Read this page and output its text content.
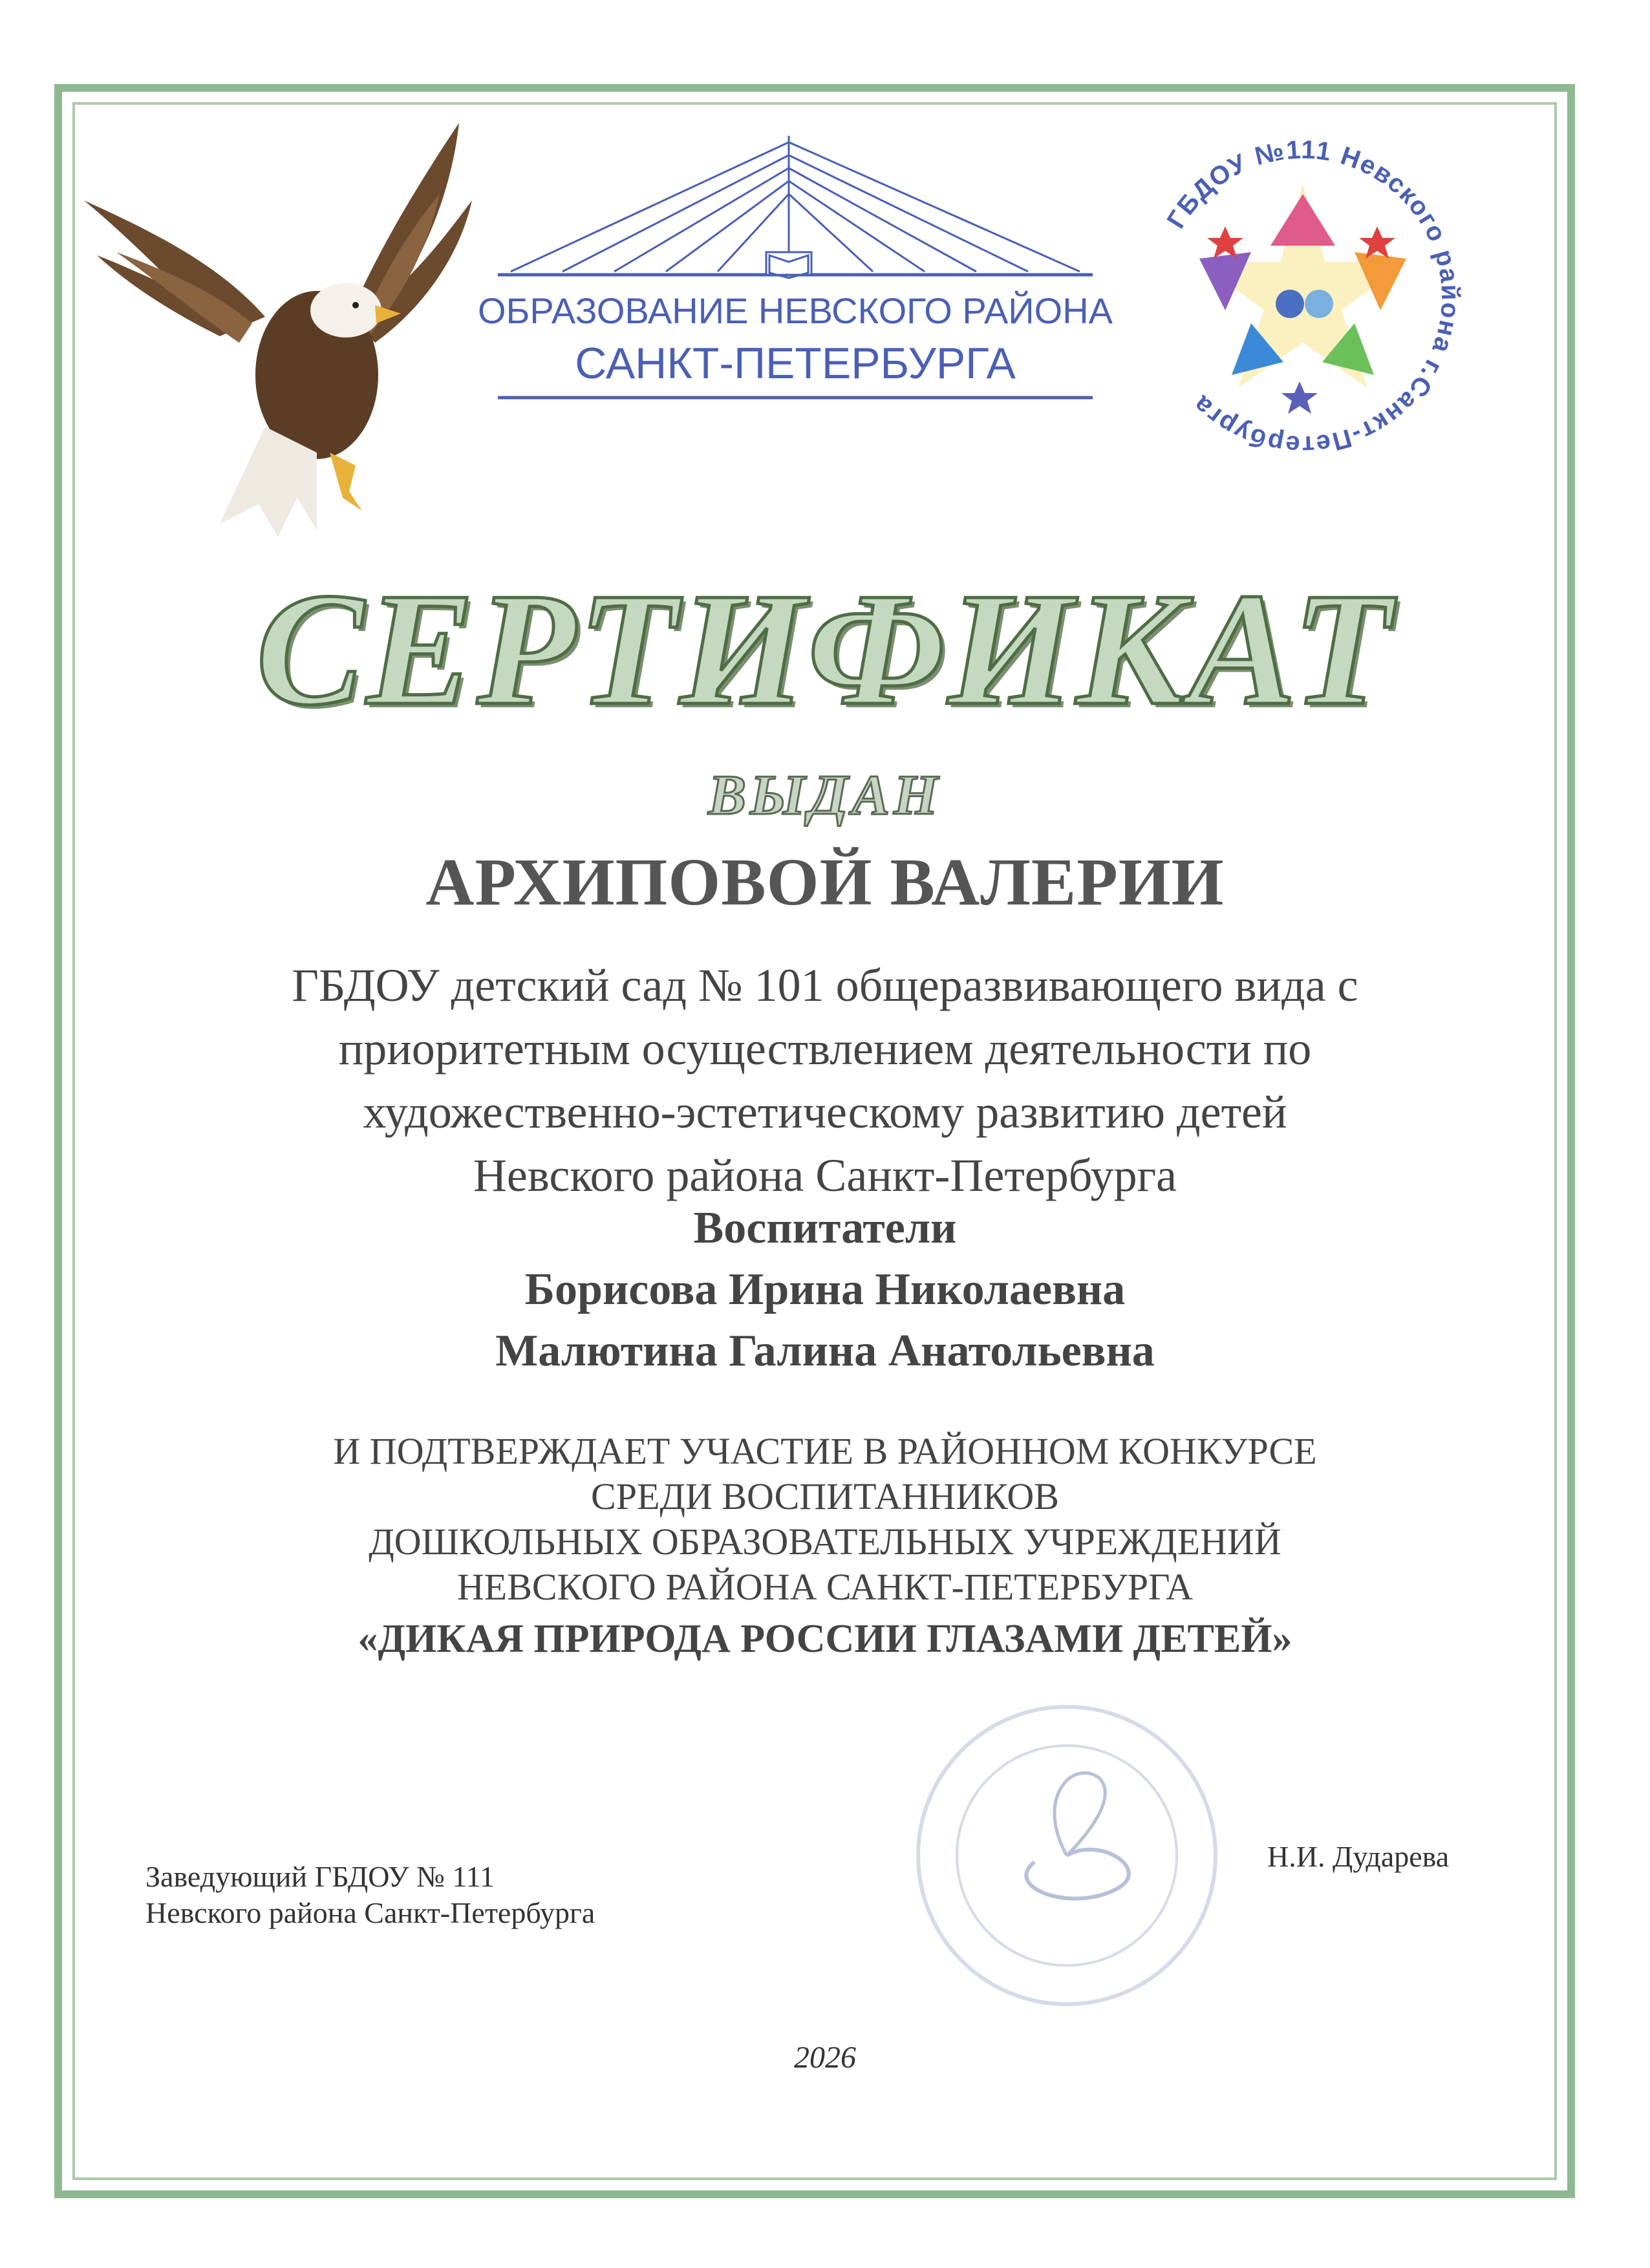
ОБРАЗОВАНИЕ НЕВСКОГО РАЙОНА
САНКТ-ПЕТЕРБУРГА
ГБДОУ №111 Невского района г.Санкт-Петербурга
СЕРТИФИКАТ
ВЫДАН
АРХИПОВОЙ ВАЛЕРИИ
ГБДОУ детский сад № 101 общеразвивающего вида с
приоритетным осуществлением деятельности по
художественно-эстетическому развитию детей
Невского района Санкт-Петербурга
Воспитатели
Борисова Ирина Николаевна
Малютина Галина Анатольевна
И ПОДТВЕРЖДАЕТ УЧАСТИЕ В РАЙОННОМ КОНКУРСЕ
СРЕДИ ВОСПИТАННИКОВ
ДОШКОЛЬНЫХ ОБРАЗОВАТЕЛЬНЫХ УЧРЕЖДЕНИЙ
НЕВСКОГО РАЙОНА САНКТ-ПЕТЕРБУРГА
«ДИКАЯ ПРИРОДА РОССИИ ГЛАЗАМИ ДЕТЕЙ»
Заведующий ГБДОУ № 111
Невского района Санкт-Петербурга
Н.И. Дударева
2026
